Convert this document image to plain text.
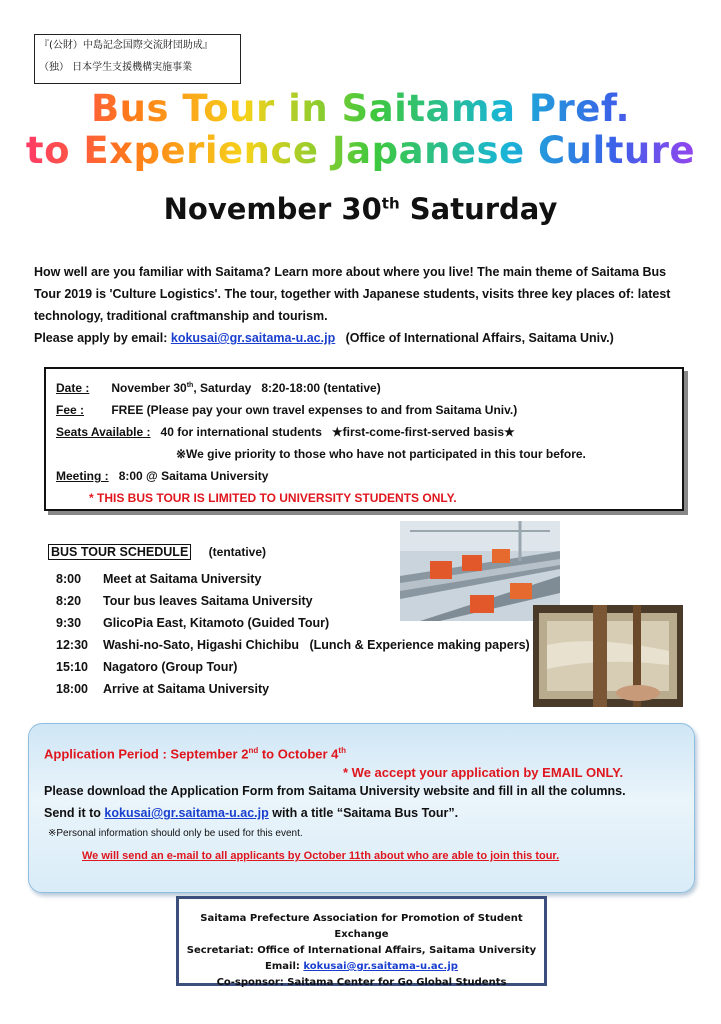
『(公財）中島記念国際交流財団助成』
（独） 日本学生支援機構実施事業
Bus Tour in Saitama Pref.
to Experience Japanese Culture
November 30th Saturday
How well are you familiar with Saitama? Learn more about where you live! The main theme of Saitama Bus Tour 2019 is 'Culture Logistics'. The tour, together with Japanese students, visits three key places of: latest technology, traditional craftmanship and tourism.
Please apply by email: kokusai@gr.saitama-u.ac.jp   (Office of International Affairs, Saitama Univ.)
Date : November 30th, Saturday   8:20-18:00 (tentative)
Fee : FREE (Please pay your own travel expenses to and from Saitama Univ.)
Seats Available : 40 for international students   ★first-come-first-served basis★
※We give priority to those who have not participated in this tour before.
Meeting : 8:00 @ Saitama University
* THIS BUS TOUR IS LIMITED TO UNIVERSITY STUDENTS ONLY.
BUS TOUR SCHEDULE (tentative)
8:00 Meet at Saitama University
8:20 Tour bus leaves Saitama University
9:30 GlicoPia East, Kitamoto (Guided Tour)
12:30 Washi-no-Sato, Higashi Chichibu   (Lunch & Experience making papers)
15:10 Nagatoro (Group Tour)
18:00 Arrive at Saitama University
Application Period : September 2nd to October 4th
* We accept your application by EMAIL ONLY.
Please download the Application Form from Saitama University website and fill in all the columns.
Send it to kokusai@gr.saitama-u.ac.jp with a title “Saitama Bus Tour”.
※Personal information should only be used for this event.
We will send an e-mail to all applicants by October 11th about who are able to join this tour.
Saitama Prefecture Association for Promotion of Student Exchange
Secretariat: Office of International Affairs, Saitama University
Email: kokusai@gr.saitama-u.ac.jp
Co-sponsor: Saitama Center for Go Global Students
